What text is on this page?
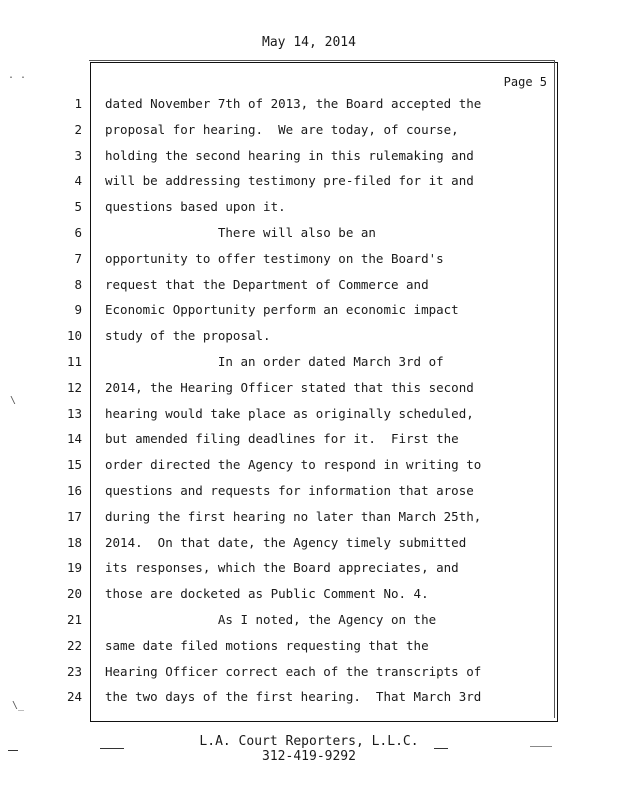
May 14, 2014
Page 5
1 dated November 7th of 2013, the Board accepted the
2 proposal for hearing.  We are today, of course,
3 holding the second hearing in this rulemaking and
4 will be addressing testimony pre-filed for it and
5 questions based upon it.
6 There will also be an
7 opportunity to offer testimony on the Board's
8 request that the Department of Commerce and
9 Economic Opportunity perform an economic impact
10 study of the proposal.
11 In an order dated March 3rd of
12 2014, the Hearing Officer stated that this second
13 hearing would take place as originally scheduled,
14 but amended filing deadlines for it.  First the
15 order directed the Agency to respond in writing to
16 questions and requests for information that arose
17 during the first hearing no later than March 25th,
18 2014.  On that date, the Agency timely submitted
19 its responses, which the Board appreciates, and
20 those are docketed as Public Comment No. 4.
21 As I noted, the Agency on the
22 same date filed motions requesting that the
23 Hearing Officer correct each of the transcripts of
24 the two days of the first hearing.  That March 3rd
L.A. Court Reporters, L.L.C.
312-419-9292
. .
\
\_
